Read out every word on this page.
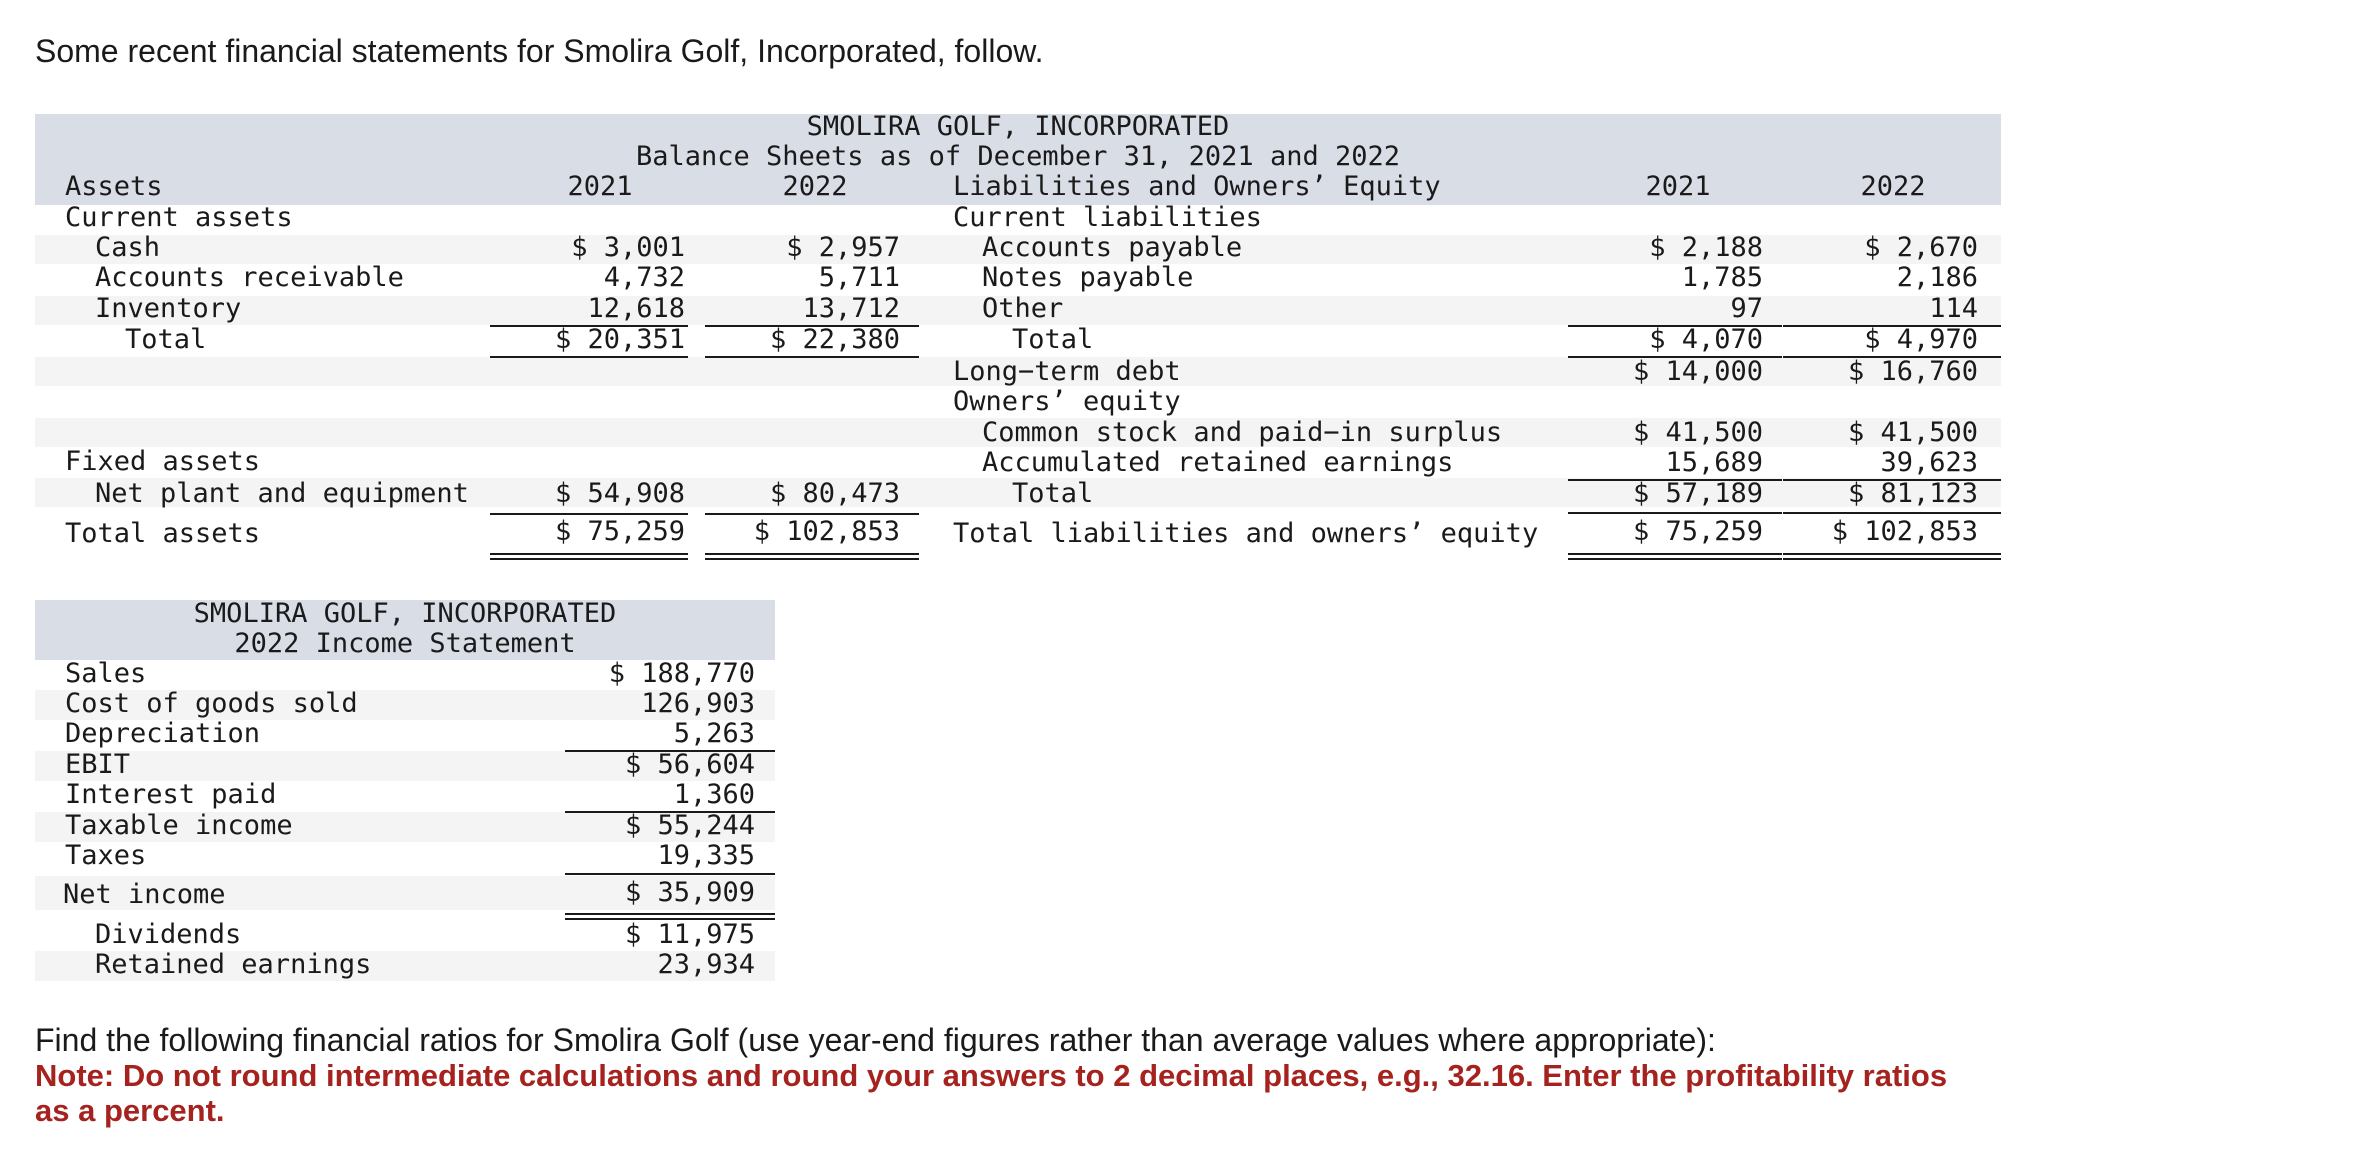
Some recent financial statements for Smolira Golf, Incorporated, follow.

SMOLIRA GOLF, INCORPORATED
Balance Sheets as of December 31, 2021 and 2022
Assets	2021	2022	Liabilities and Owners’ Equity	2021	2022
Current assets
Cash	$ 3,001	$ 2,957
Accounts receivable	4,732	5,711
Inventory	12,618	13,712
Total	$ 20,351	$ 22,380
Fixed assets
Net plant and equipment	$ 54,908	$ 80,473
Total assets	$ 75,259	$ 102,853
Current liabilities
Accounts payable	$ 2,188	$ 2,670
Notes payable	1,785	2,186
Other	97	114
Total	$ 4,070	$ 4,970
Long−term debt	$ 14,000	$ 16,760
Owners’ equity
Common stock and paid−in surplus	$ 41,500	$ 41,500
Accumulated retained earnings	15,689	39,623
Total	$ 57,189	$ 81,123
Total liabilities and owners’ equity	$ 75,259	$ 102,853
SMOLIRA GOLF, INCORPORATED
2022 Income Statement
Sales	$ 188,770
Cost of goods sold	126,903
Depreciation	5,263
EBIT	$ 56,604
Interest paid	1,360
Taxable income	$ 55,244
Taxes	19,335
Net income	$ 35,909
Dividends	$ 11,975
Retained earnings	23,934

Find the following financial ratios for Smolira Golf (use year-end figures rather than average values where appropriate):

Note: Do not round intermediate calculations and round your answers to 2 decimal places, e.g., 32.16. Enter the profitability ratios as a percent.
